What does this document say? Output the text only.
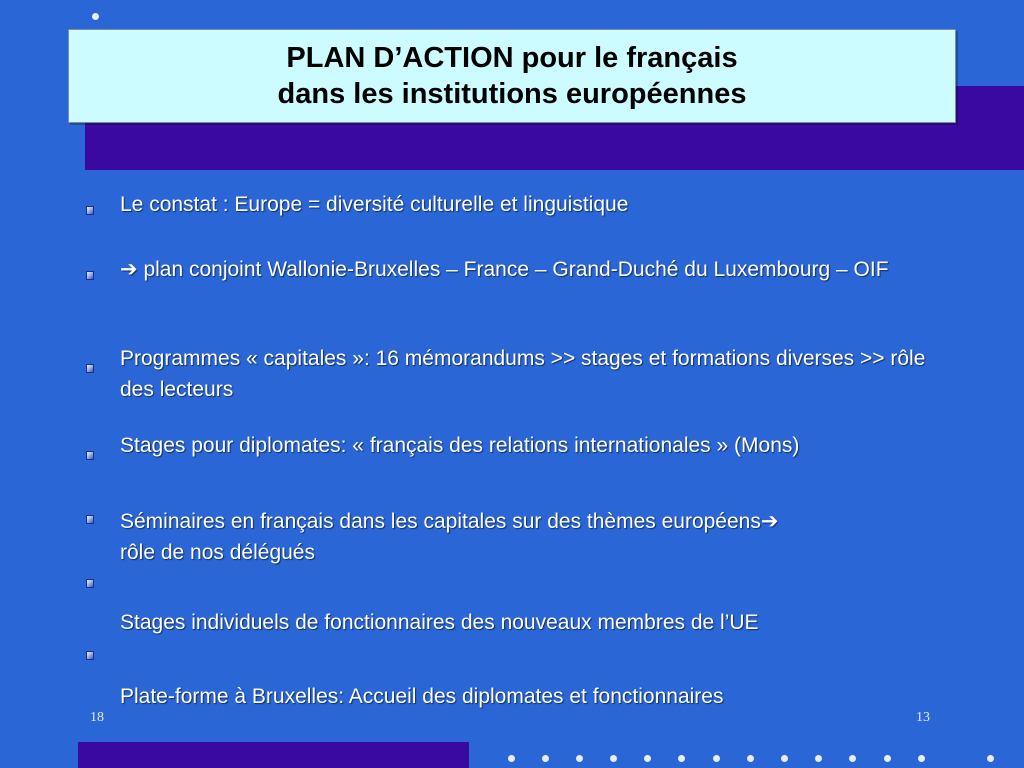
PLAN D’ACTION pour le français
dans les institutions européennes
Le constat : Europe = diversité culturelle et linguistique
➔ plan conjoint Wallonie-Bruxelles – France – Grand-Duché du Luxembourg – OIF
Programmes « capitales »: 16 mémorandums >> stages et formations diverses >> rôle des lecteurs
Stages pour diplomates: « français des relations internationales » (Mons)
Séminaires en français dans les capitales sur des thèmes européens➔
rôle de nos délégués
Stages individuels de fonctionnaires des nouveaux membres de l’UE
Plate-forme à Bruxelles: Accueil des diplomates et fonctionnaires
18	13
